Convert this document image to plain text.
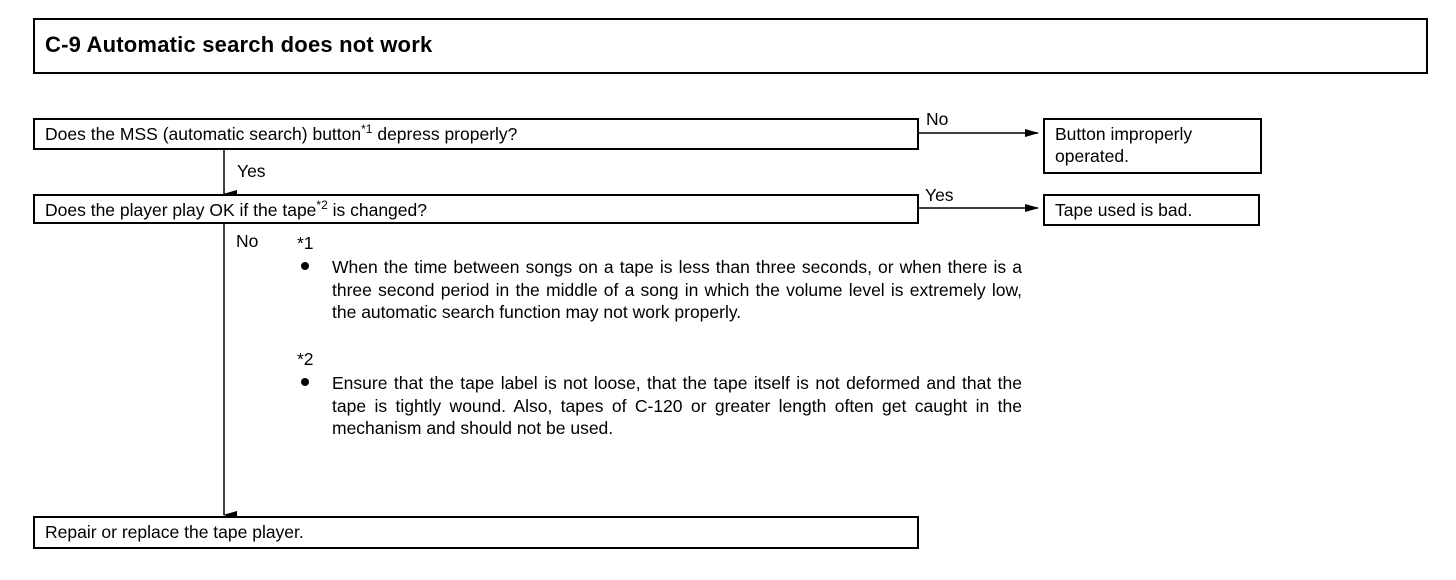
C-9 Automatic search does not work
Does the MSS (automatic search) button$^{*1}$ depress properly?	Button improperly operated.
Does the player play OK if the tape$^{*2}$ is changed?	Tape used is bad.
Repair or replace the tape player.
No
Yes
Yes
No *1
When the time between songs on a tape is less than three seconds, or when there is a three second period in the middle of a song in which the volume level is extremely low, the automatic search function may not work properly.
*2
Ensure that the tape label is not loose, that the tape itself is not deformed and that the tape is tightly wound. Also, tapes of C-120 or greater length often get caught in the mechanism and should not be used.
